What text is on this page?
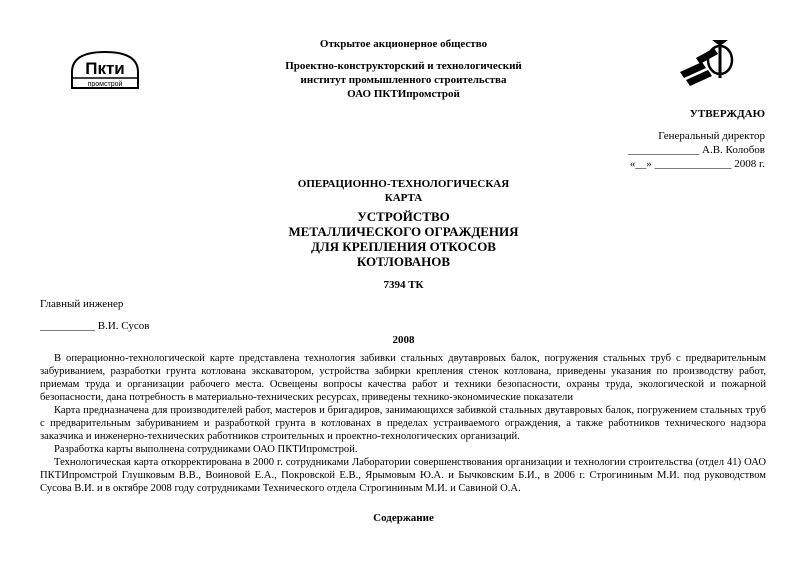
Пкти
промстрой
Открытое акционерное общество
Проектно-конструкторский и технологический
институт промышленного строительства
ОАО ПКТИпромстрой
УТВЕРЖДАЮ
Генеральный директор
_____________ А.В. Колобов
«__» ______________ 2008 г.
ОПЕРАЦИОННО-ТЕХНОЛОГИЧЕСКАЯ
КАРТА
УСТРОЙСТВО
МЕТАЛЛИЧЕСКОГО ОГРАЖДЕНИЯ
ДЛЯ КРЕПЛЕНИЯ ОТКОСОВ
КОТЛОВАНОВ
7394 ТК
Главный инженер
__________ В.И. Сусов
2008

В операционно-технологической карте представлена технология забивки стальных двутавровых балок, погружения стальных труб с предварительным забуриванием, разработки грунта котлована экскаватором, устройства забирки крепления стенок котлована, приведены указания по производству работ, приемам труда и организации рабочего места. Освещены вопросы качества работ и техники безопасности, охраны труда, экологической и пожарной безопасности, дана потребность в материально-технических ресурсах, приведены технико-экономические показатели

Карта предназначена для производителей работ, мастеров и бригадиров, занимающихся забивкой стальных двутавровых балок, погружением стальных труб с предварительным забуриванием и разработкой грунта в котлованах в пределах устраиваемого ограждения, а также работников технического надзора заказчика и инженерно-технических работников строительных и проектно-технологических организаций.

Разработка карты выполнена сотрудниками ОАО ПКТИпромстрой.

Технологическая карта откорректирована в 2000 г. сотрудниками Лаборатории совершенствования организации и технологии строительства (отдел 41) ОАО ПКТИпромстрой Глушковым В.В., Воиновой Е.А., Покровской Е.В., Ярымовым Ю.А. и Бычковским Б.И., в 2006 г. Строгининым М.И. под руководством Сусова В.И. и в октябре 2008 году сотрудниками Технического отдела Строгининым М.И. и Савиной О.А.

Содержание
